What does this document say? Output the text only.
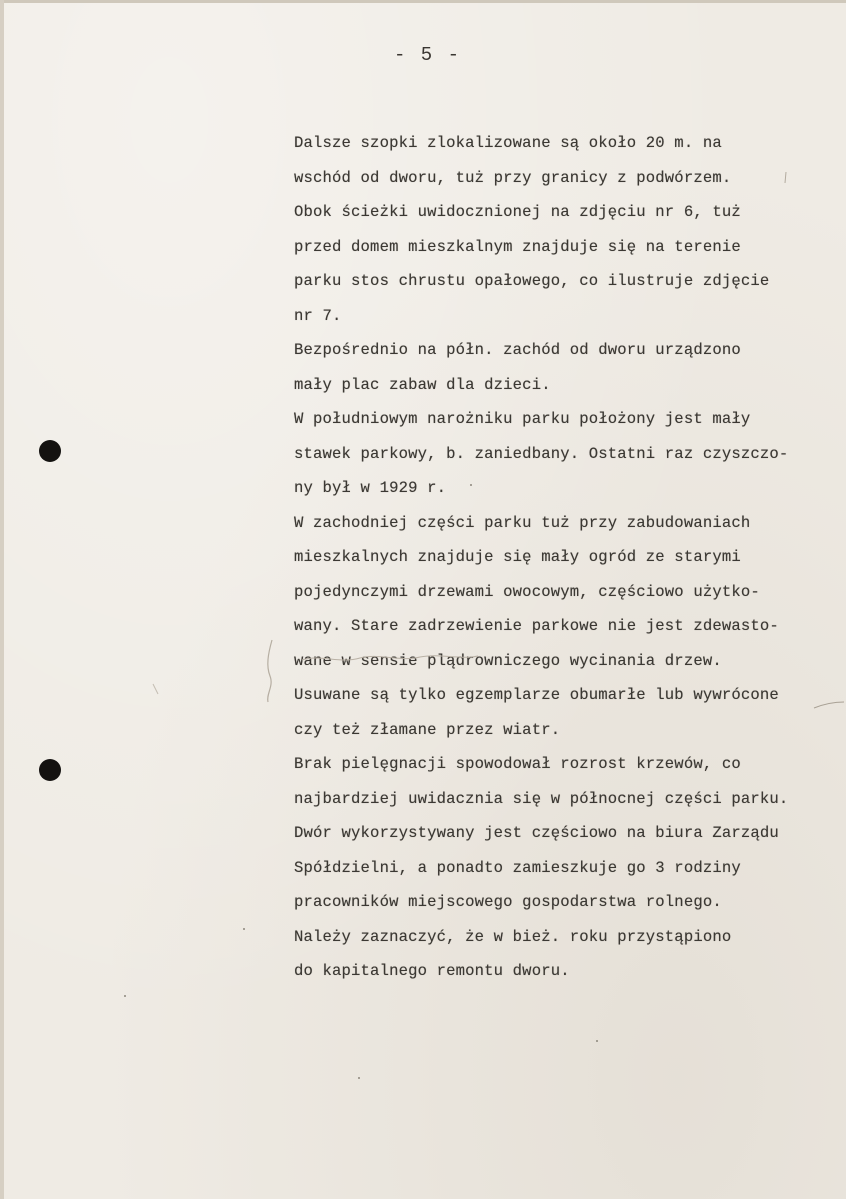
- 5 -
Dalsze szopki zlokalizowane są około 20 m. na
wschód od dworu, tuż przy granicy z podwórzem.
Obok ścieżki uwidocznionej na zdjęciu nr 6, tuż
przed domem mieszkalnym znajduje się na terenie
parku stos chrustu opałowego, co ilustruje zdjęcie
nr 7.
Bezpośrednio na półn. zachód od dworu urządzono
mały plac zabaw dla dzieci.
W południowym narożniku parku położony jest mały
stawek parkowy, b. zaniedbany. Ostatni raz czyszczo-
ny był w 1929 r.
W zachodniej części parku tuż przy zabudowaniach
mieszkalnych znajduje się mały ogród ze starymi
pojedynczymi drzewami owocowym, częściowo użytko-
wany. Stare zadrzewienie parkowe nie jest zdewasto-
wane w sensie plądrowniczego wycinania drzew.
Usuwane są tylko egzemplarze obumarłe lub wywrócone
czy też złamane przez wiatr.
Brak pielęgnacji spowodował rozrost krzewów, co
najbardziej uwidacznia się w północnej części parku.
Dwór wykorzystywany jest częściowo na biura Zarządu
Spółdzielni, a ponadto zamieszkuje go 3 rodziny
pracowników miejscowego gospodarstwa rolnego.
Należy zaznaczyć, że w bież. roku przystąpiono
do kapitalnego remontu dworu.
